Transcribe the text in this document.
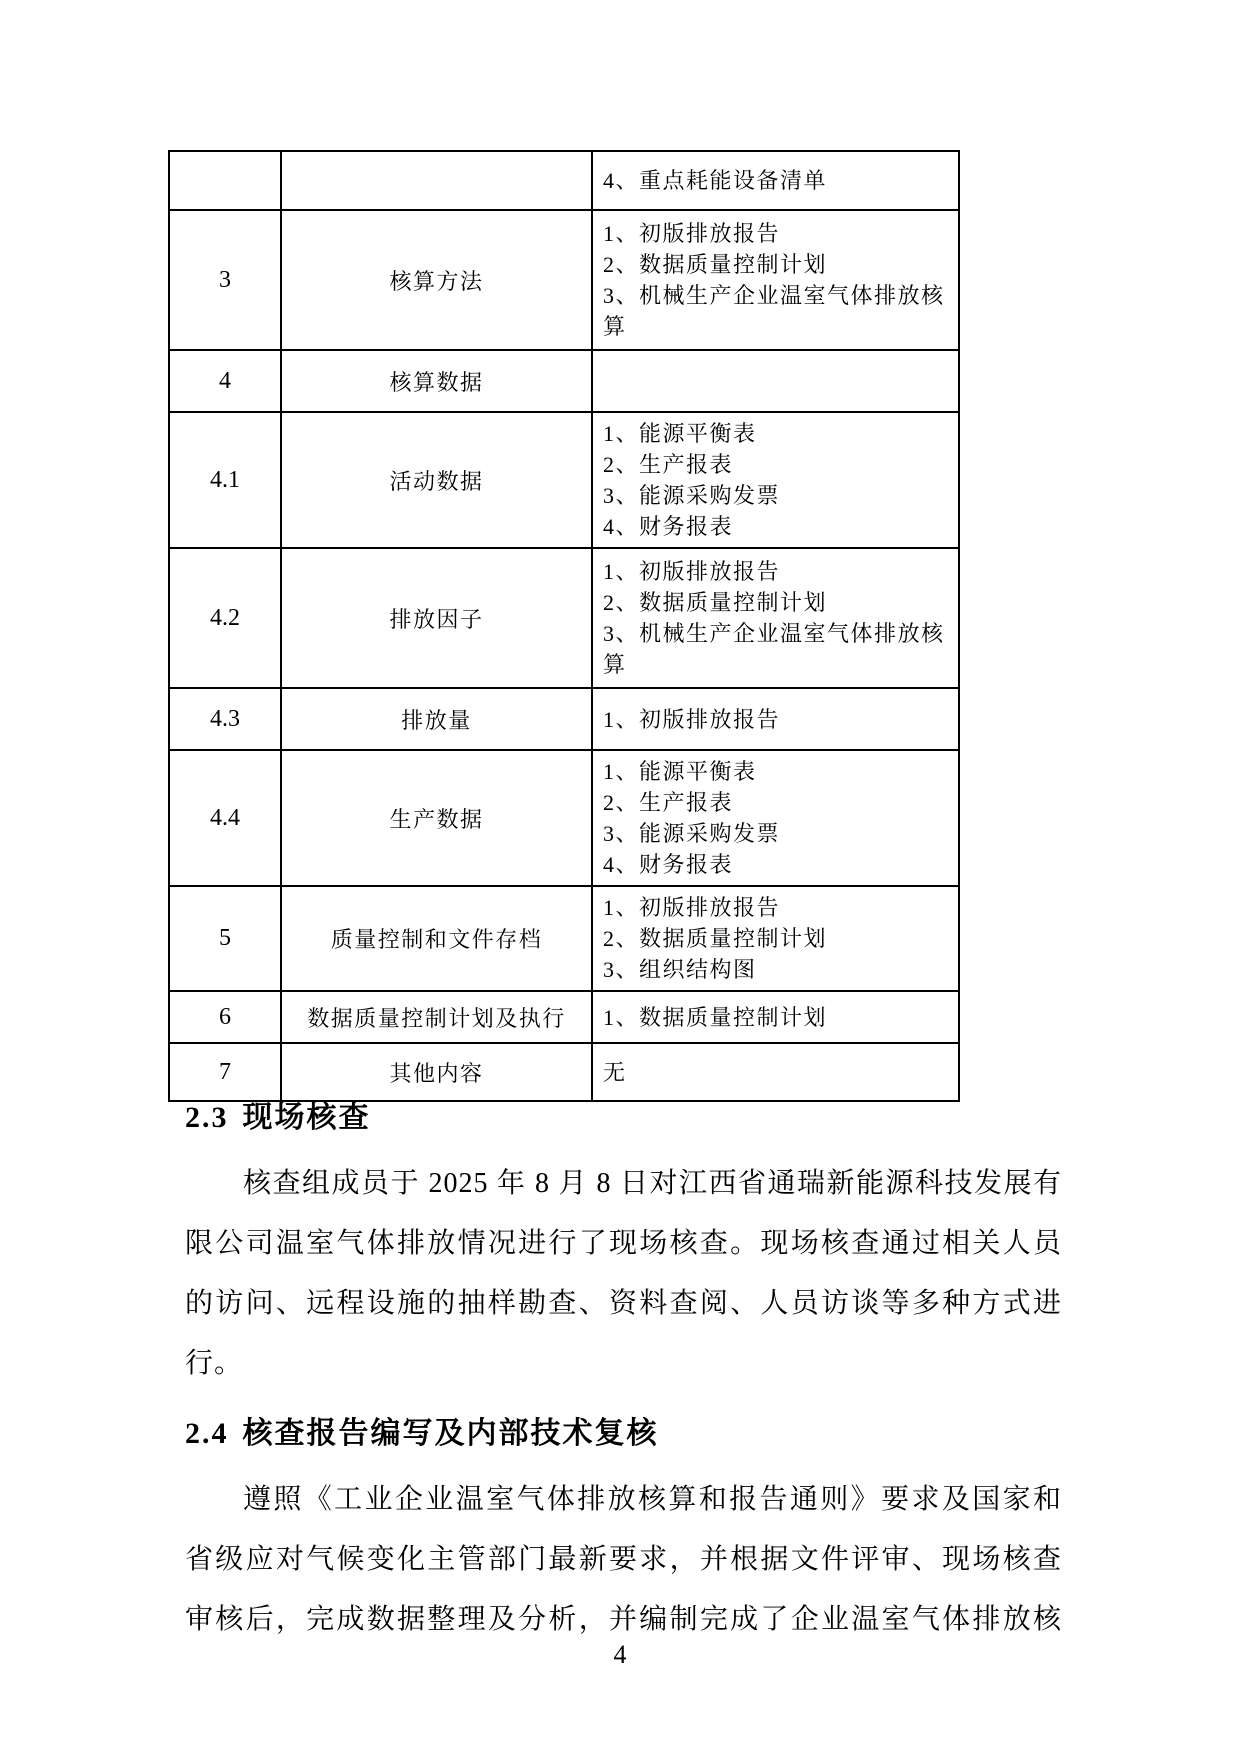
		4、重点耗能设备清单

3	核算方法	1、初版排放报告
2、数据质量控制计划
3、机械生产企业温室气体排放核算

4	核算数据	
4.1	活动数据	1、能源平衡表
2、生产报表
3、能源采购发票
4、财务报表

4.2	排放因子	1、初版排放报告
2、数据质量控制计划
3、机械生产企业温室气体排放核算

4.3	排放量	1、初版排放报告

4.4	生产数据	1、能源平衡表
2、生产报表
3、能源采购发票
4、财务报表

5	质量控制和文件存档	1、初版排放报告
2、数据质量控制计划
3、组织结构图

6	数据质量控制计划及执行	1、数据质量控制计划

7	其他内容	无
2.3 现场核查
核查组成员于 2025 年 8 月 8 日对江西省通瑞新能源科技发展有
限公司温室气体排放情况进行了现场核查。现场核查通过相关人员
的访问、远程设施的抽样勘查、资料查阅、人员访谈等多种方式进
行。
2.4 核查报告编写及内部技术复核
遵照《工业企业温室气体排放核算和报告通则》要求及国家和
省级应对气候变化主管部门最新要求，并根据文件评审、现场核查
审核后，完成数据整理及分析，并编制完成了企业温室气体排放核
4
